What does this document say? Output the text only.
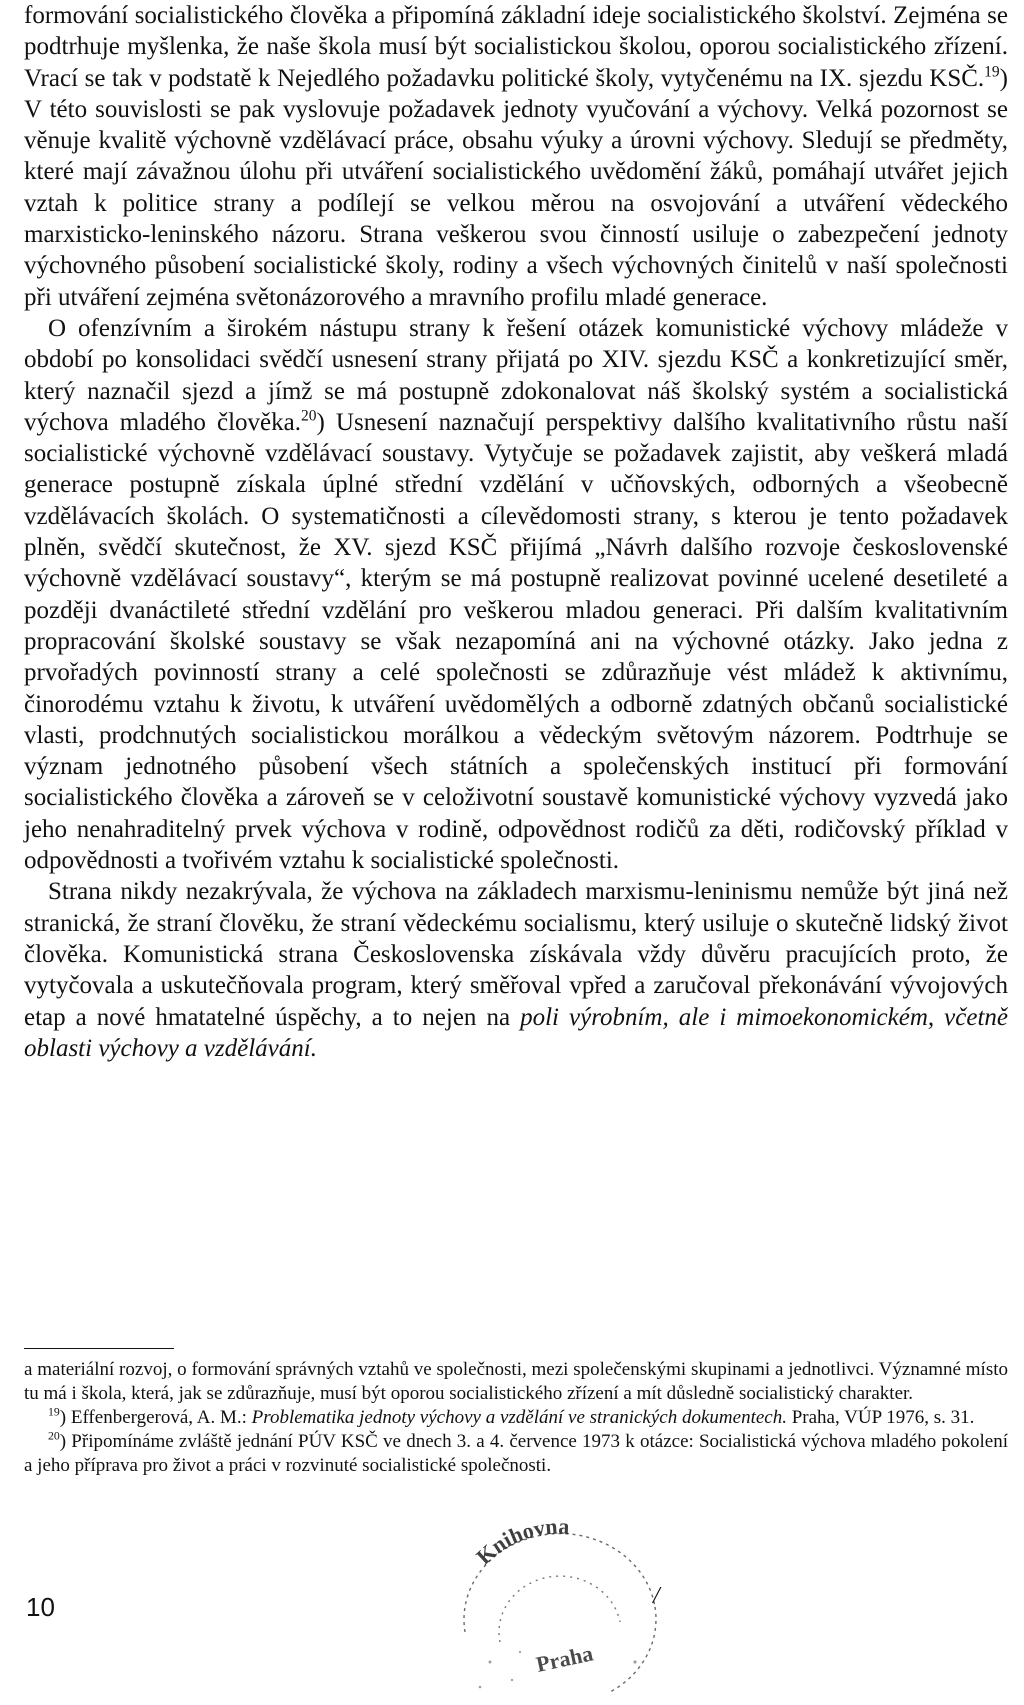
formování socialistického člověka a připomíná základní ideje socialistického školství. Zejména se podtrhuje myšlenka, že naše škola musí být socialistickou školou, oporou socialistického zřízení. Vrací se tak v podstatě k Nejedlého požadavku politické školy, vytyčenému na IX. sjezdu KSČ.$^{19}$) V této souvislosti se pak vyslovuje požadavek jednoty vyučování a výchovy. Velká pozornost se věnuje kvalitě výchovně vzdělávací práce, obsahu výuky a úrovni výchovy. Sledují se předměty, které mají závažnou úlohu při utváření socialistického uvědomění žáků, pomáhají utvářet jejich vztah k politice strany a podílejí se velkou měrou na osvojování a utváření vědeckého marxisticko-leninského názoru. Strana veškerou svou činností usiluje o zabezpečení jednoty výchovného působení socialistické školy, rodiny a všech výchovných činitelů v naší společnosti při utváření zejména světonázorového a mravního profilu mladé generace.

O ofenzívním a širokém nástupu strany k řešení otázek komunistické výchovy mládeže v období po konsolidaci svědčí usnesení strany přijatá po XIV. sjezdu KSČ a konkretizující směr, který naznačil sjezd a jímž se má postupně zdokonalovat náš školský systém a socialistická výchova mladého člověka.$^{20}$) Usnesení naznačují perspektivy dalšího kvalitativního růstu naší socialistické výchovně vzdělávací soustavy. Vytyčuje se požadavek zajistit, aby veškerá mladá generace postupně získala úplné střední vzdělání v učňovských, odborných a všeobecně vzdělávacích školách. O systematičnosti a cílevědomosti strany, s kterou je tento požadavek plněn, svědčí skutečnost, že XV. sjezd KSČ přijímá „Návrh dalšího rozvoje československé výchovně vzdělávací soustavy“, kterým se má postupně realizovat povinné ucelené desetileté a později dvanáctileté střední vzdělání pro veškerou mladou generaci. Při dalším kvalitativním propracování školské soustavy se však nezapomíná ani na výchovné otázky. Jako jedna z prvořadých povinností strany a celé společnosti se zdůrazňuje vést mládež k aktivnímu, činorodému vztahu k životu, k utváření uvědomělých a odborně zdatných občanů socialistické vlasti, prodchnutých socialistickou morálkou a vědeckým světovým názorem. Podtrhuje se význam jednotného působení všech státních a společenských institucí při formování socialistického člověka a zároveň se v celoživotní soustavě komunistické výchovy vyzvedá jako jeho nenahraditelný prvek výchova v rodině, odpovědnost rodičů za děti, rodičovský příklad v odpovědnosti a tvořivém vztahu k socialistické společnosti.

Strana nikdy nezakrývala, že výchova na základech marxismu-leninismu nemůže být jiná než stranická, že straní člověku, že straní vědeckému socialismu, který usiluje o skutečně lidský život člověka. Komunistická strana Československa získávala vždy důvěru pracujících proto, že vytyčovala a uskutečňovala program, který směřoval vpřed a zaručoval překonávání vývojových etap a nové hmatatelné úspěchy, a to nejen na poli výrobním, ale i mimoekonomickém, včetně oblasti výchovy a vzdělávání.

a materiální rozvoj, o formování správných vztahů ve společnosti, mezi společenskými skupinami a jednotlivci. Významné místo tu má i škola, která, jak se zdůrazňuje, musí být oporou socialistického zřízení a mít důsledně socialistický charakter.

$^{19}$) Effenbergerová, A. M.: Problematika jednoty výchovy a vzdělání ve stranických dokumentech. Praha, VÚP 1976, s. 31.

$^{20}$) Připomínáme zvláště jednání PÚV KSČ ve dnech 3. a 4. července 1973 k otázce: Socialistická výchova mladého pokolení a jeho příprava pro život a práci v rozvinuté socialistické společnosti.

10
Knihovna
Praha
/
